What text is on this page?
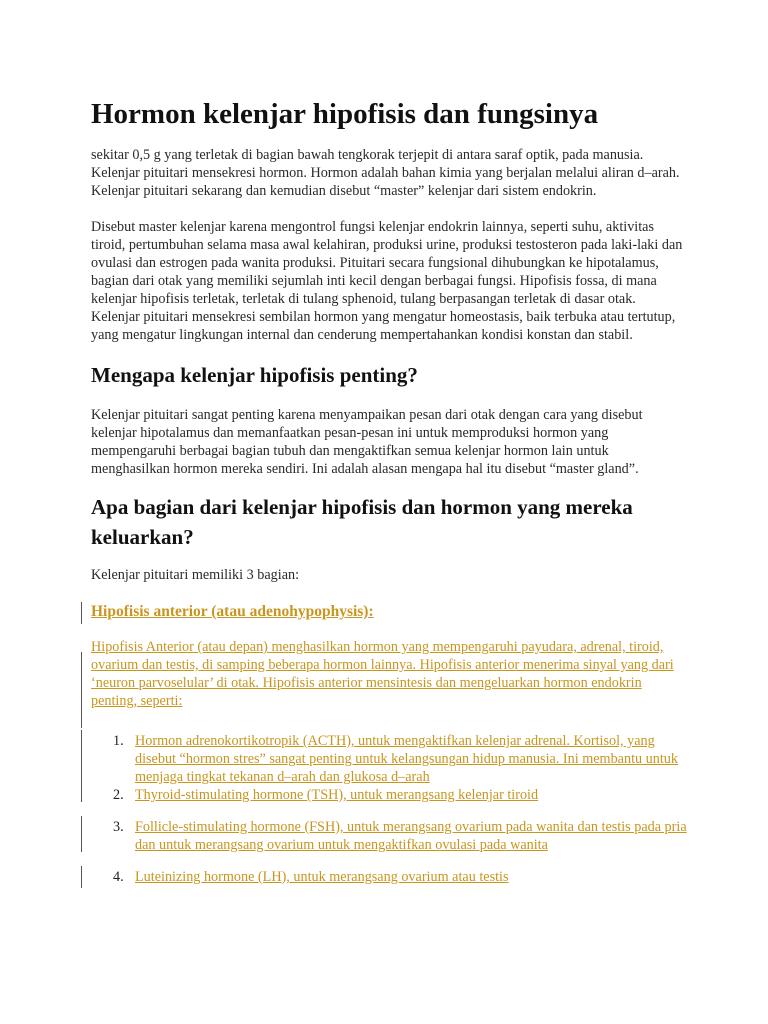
Hormon kelenjar hipofisis dan fungsinya

sekitar 0,5 g yang terletak di bagian bawah tengkorak terjepit di antara saraf optik, pada manusia. Kelenjar pituitari mensekresi hormon. Hormon adalah bahan kimia yang berjalan melalui aliran d–arah. Kelenjar pituitari sekarang dan kemudian disebut “master” kelenjar dari sistem endokrin.

Disebut master kelenjar karena mengontrol fungsi kelenjar endokrin lainnya, seperti suhu, aktivitas tiroid, pertumbuhan selama masa awal kelahiran, produksi urine, produksi testosteron pada laki-laki dan ovulasi dan estrogen pada wanita produksi. Pituitari secara fungsional dihubungkan ke hipotalamus, bagian dari otak yang memiliki sejumlah inti kecil dengan berbagai fungsi. Hipofisis fossa, di mana kelenjar hipofisis terletak, terletak di tulang sphenoid, tulang berpasangan terletak di dasar otak. Kelenjar pituitari mensekresi sembilan hormon yang mengatur homeostasis, baik terbuka atau tertutup, yang mengatur lingkungan internal dan cenderung mempertahankan kondisi konstan dan stabil.

Mengapa kelenjar hipofisis penting?

Kelenjar pituitari sangat penting karena menyampaikan pesan dari otak dengan cara yang disebut kelenjar hipotalamus dan memanfaatkan pesan-pesan ini untuk memproduksi hormon yang mempengaruhi berbagai bagian tubuh dan mengaktifkan semua kelenjar hormon lain untuk menghasilkan hormon mereka sendiri. Ini adalah alasan mengapa hal itu disebut “master gland”.

Apa bagian dari kelenjar hipofisis dan hormon yang mereka keluarkan?

Kelenjar pituitari memiliki 3 bagian:

Hipofisis anterior (atau adenohypophysis):

Hipofisis Anterior (atau depan) menghasilkan hormon yang mempengaruhi payudara, adrenal, tiroid, ovarium dan testis, di samping beberapa hormon lainnya. Hipofisis anterior menerima sinyal yang dari ‘neuron parvoselular’ di otak. Hipofisis anterior mensintesis dan mengeluarkan hormon endokrin penting, seperti:

1. Hormon adrenokortikotropik (ACTH), untuk mengaktifkan kelenjar adrenal. Kortisol, yang disebut “hormon stres” sangat penting untuk kelangsungan hidup manusia. Ini membantu untuk menjaga tingkat tekanan d–arah dan glukosa d–arah
2. Thyroid-stimulating hormone (TSH), untuk merangsang kelenjar tiroid
3. Follicle-stimulating hormone (FSH), untuk merangsang ovarium pada wanita dan testis pada pria dan untuk merangsang ovarium untuk mengaktifkan ovulasi pada wanita
4. Luteinizing hormone (LH), untuk merangsang ovarium atau testis
